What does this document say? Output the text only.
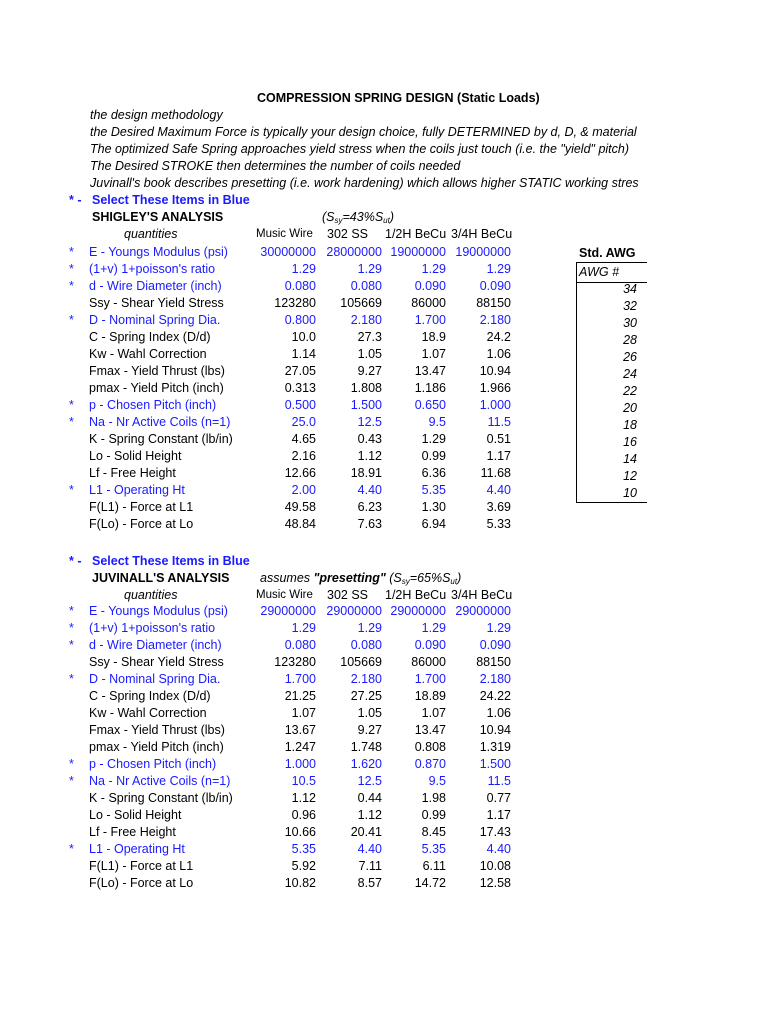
COMPRESSION SPRING DESIGN (Static Loads)
the design methodology
the Desired Maximum Force is typically your design choice, fully DETERMINED by d, D, & material
The optimized Safe Spring approaches yield stress when the coils just touch (i.e. the "yield" pitch)
The Desired STROKE then determines the number of coils needed
Juvinall's book describes presetting (i.e. work hardening) which allows higher STATIC working stres
* - Select These Items in Blue
SHIGLEY'S ANALYSIS	$(S_{sy}=43\%S_{ut})$
quantities	Music Wire 302 SS 1/2H BeCu 3/4H BeCu
* E - Youngs Modulus (psi)	30000000 28000000 19000000 19000000
* (1+v) 1+poisson's ratio	1.29	1.29	1.29	1.29
* d - Wire Diameter (inch)	0.080	0.080	0.090	0.090
Ssy - Shear Yield Stress	123280	105669	86000	88150
* D - Nominal Spring Dia.	0.800	2.180	1.700	2.180
C - Spring Index (D/d)	10.0	27.3	18.9	24.2
Kw - Wahl Correction	1.14	1.05	1.07	1.06
Fmax - Yield Thrust (lbs)	27.05	9.27	13.47	10.94
pmax - Yield Pitch (inch)	0.313	1.808	1.186	1.966
* p - Chosen Pitch (inch)	0.500	1.500	0.650	1.000
* Na - Nr Active Coils (n=1)	25.0	12.5	9.5	11.5
K - Spring Constant (lb/in)	4.65	0.43	1.29	0.51
Lo - Solid Height	2.16	1.12	0.99	1.17
Lf - Free Height	12.66	18.91	6.36	11.68
* L1 - Operating Ht	2.00	4.40	5.35	4.40
F(L1) - Force at L1	49.58	6.23	1.30	3.69
F(Lo) - Force at Lo	48.84	7.63	6.94	5.33
* - Select These Items in Blue
JUVINALL'S ANALYSIS assumes "presetting" $(S_{sy}=65\%S_{ut})$
quantities	Music Wire 302 SS 1/2H BeCu 3/4H BeCu
* E - Youngs Modulus (psi)	29000000 29000000 29000000 29000000
* (1+v) 1+poisson's ratio	1.29	1.29	1.29	1.29
* d - Wire Diameter (inch)	0.080	0.080	0.090	0.090
Ssy - Shear Yield Stress	123280	105669	86000	88150
* D - Nominal Spring Dia.	1.700	2.180	1.700	2.180
C - Spring Index (D/d)	21.25	27.25	18.89	24.22
Kw - Wahl Correction	1.07	1.05	1.07	1.06
Fmax - Yield Thrust (lbs)	13.67	9.27	13.47	10.94
pmax - Yield Pitch (inch)	1.247	1.748	0.808	1.319
* p - Chosen Pitch (inch)	1.000	1.620	0.870	1.500
* Na - Nr Active Coils (n=1)	10.5	12.5	9.5	11.5
K - Spring Constant (lb/in)	1.12	0.44	1.98	0.77
Lo - Solid Height	0.96	1.12	0.99	1.17
Lf - Free Height	10.66	20.41	8.45	17.43
* L1 - Operating Ht	5.35	4.40	5.35	4.40
F(L1) - Force at L1	5.92	7.11	6.11	10.08
F(Lo) - Force at Lo	10.82	8.57	14.72	12.58
Std. AWG
AWG #
34
32
30
28
26
24
22
20
18
16
14
12
10
